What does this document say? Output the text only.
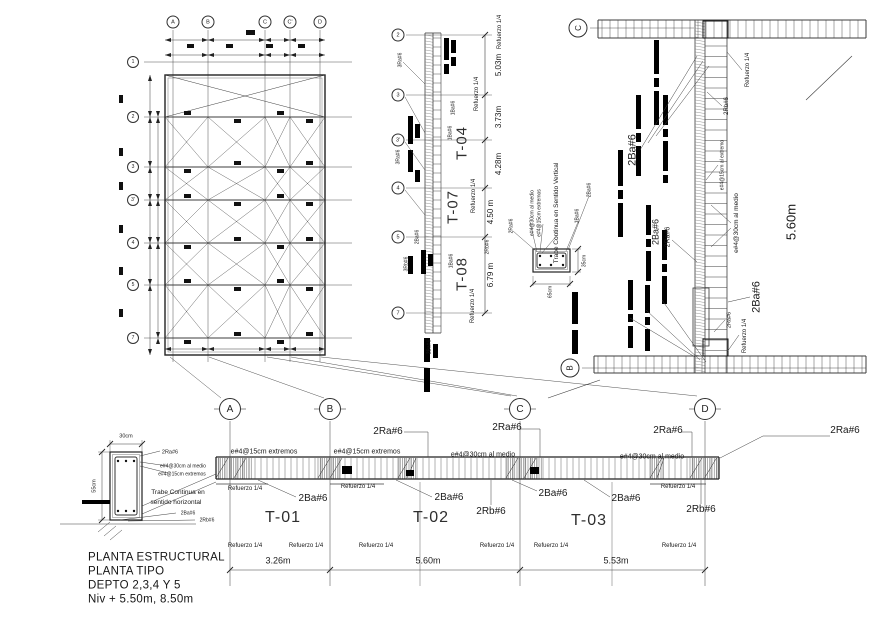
A	B	C	C'	D
1
2
3
3'
4
5
7
2
3
3'
4
5
7
Refuerzo 1/4
Refuerzo 1/4
Refuerzo 1/4
Refuerzo 1/4
5.03m
3.73m
4.28m
4.50 m
6.79 m
T-04
T-07
T-08
3Ra#6
1Ba#6
1Ba#6
3Ra#6
2Ba#6
3Rb#6	1Ba#6
2Rb#6
2Ba#6
Trabe Continua en Sentido Vertical
2Ra#6	e#4@30cm al medio e#4@15cm extremos	1Ba#6
2Ba#6
35cm
65cm
C
B
Refuerzo 1/4
2Rb#6
2Ba#6	e#4@15cm al extremo
e#4@30cm al medio
2Ba#6 2Ra#6
2Ba#6
2Ra#6 Refuerzo 1/4
5.60m
A	B	C	D
2Ra#6	2Ra#6	2Ra#6	2Ra#6
e#4@15cm extremos	e#4@15cm extremos	e#4@30cm al medio	e#4@30cm al medio
Refuerzo 1/4	Refuerzo 1/4	Refuerzo 1/4
2Ba#6	2Ba#6	2Ba#6	2Ba#6
2Rb#6	2Rb#6
T-01	T-02	T-03
Refuerzo 1/4	Refuerzo 1/4	Refuerzo 1/4	Refuerzo 1/4	Refuerzo 1/4	Refuerzo 1/4
3.26m	5.60m	5.53m
30cm
55cm
2Ra#6
e#4@30cm al medio
e#4@15cm extremos
Trabe Continua en
sentido horizontal
2Ba#6
2Rb#6
PLANTA ESTRUCTURAL
PLANTA TIPO
DEPTO 2,3,4 Y 5
Niv + 5.50m, 8.50m
